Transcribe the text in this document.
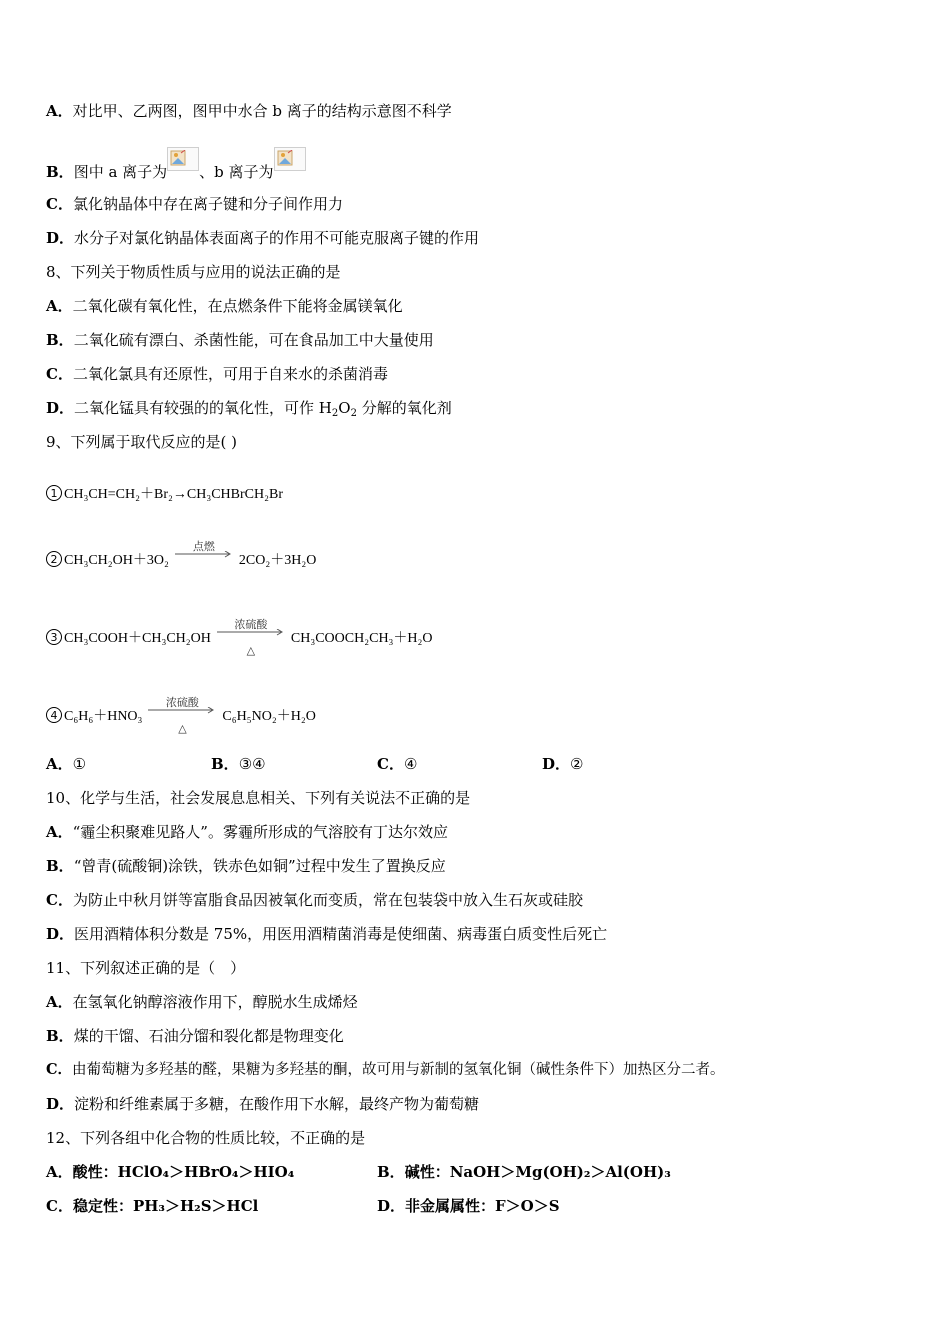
A．对比甲、乙两图，图甲中水合 b 离子的结构示意图不科学
B．图中 a 离子为 、b 离子为
C．氯化钠晶体中存在离子键和分子间作用力
D．水分子对氯化钠晶体表面离子的作用不可能克服离子键的作用
8、下列关于物质性质与应用的说法正确的是
A．二氧化碳有氧化性，在点燃条件下能将金属镁氧化
B．二氧化硫有漂白、杀菌性能，可在食品加工中大量使用
C．二氧化氯具有还原性，可用于自来水的杀菌消毒
D．二氧化锰具有较强的的氧化性，可作 $H_2O_2$ 分解的氧化剂
9、下列属于取代反应的是( )
1 CH₃CH=CH₂＋Br₂→CH₃CHBrCH₂Br
2 CH₃CH₂OH＋3O₂
点燃
2CO₂＋3H₂O
3 CH₃COOH＋CH₃CH₂OH
浓硫酸
△
CH₃COOCH₂CH₃＋H₂O
4 C₆H₆＋HNO₃
浓硫酸
△
C₆H₅NO₂＋H₂O
A．①	B．③④	C．④	D．②
10、化学与生活，社会发展息息相关、下列有关说法不正确的是
A．“霾尘积聚难见路人”。雾霾所形成的气溶胶有丁达尔效应
B．“曾青(硫酸铜)涂铁，铁赤色如铜”过程中发生了置换反应
C．为防止中秋月饼等富脂食品因被氧化而变质，常在包装袋中放入生石灰或硅胶
D．医用酒精体积分数是 75%，用医用酒精菌消毒是使细菌、病毒蛋白质变性后死亡
11、下列叙述正确的是（　）
A．在氢氧化钠醇溶液作用下，醇脱水生成烯烃
B．煤的干馏、石油分馏和裂化都是物理变化
C．由葡萄糖为多羟基的醛，果糖为多羟基的酮，故可用与新制的氢氧化铜（碱性条件下）加热区分二者。
D．淀粉和纤维素属于多糖，在酸作用下水解，最终产物为葡萄糖
12、下列各组中化合物的性质比较，不正确的是
A．酸性：HClO₄＞HBrO₄＞HIO₄	B．碱性：NaOH＞Mg(OH)₂＞Al(OH)₃
C．稳定性：PH₃＞H₂S＞HCl	D．非金属属性：F＞O＞S
